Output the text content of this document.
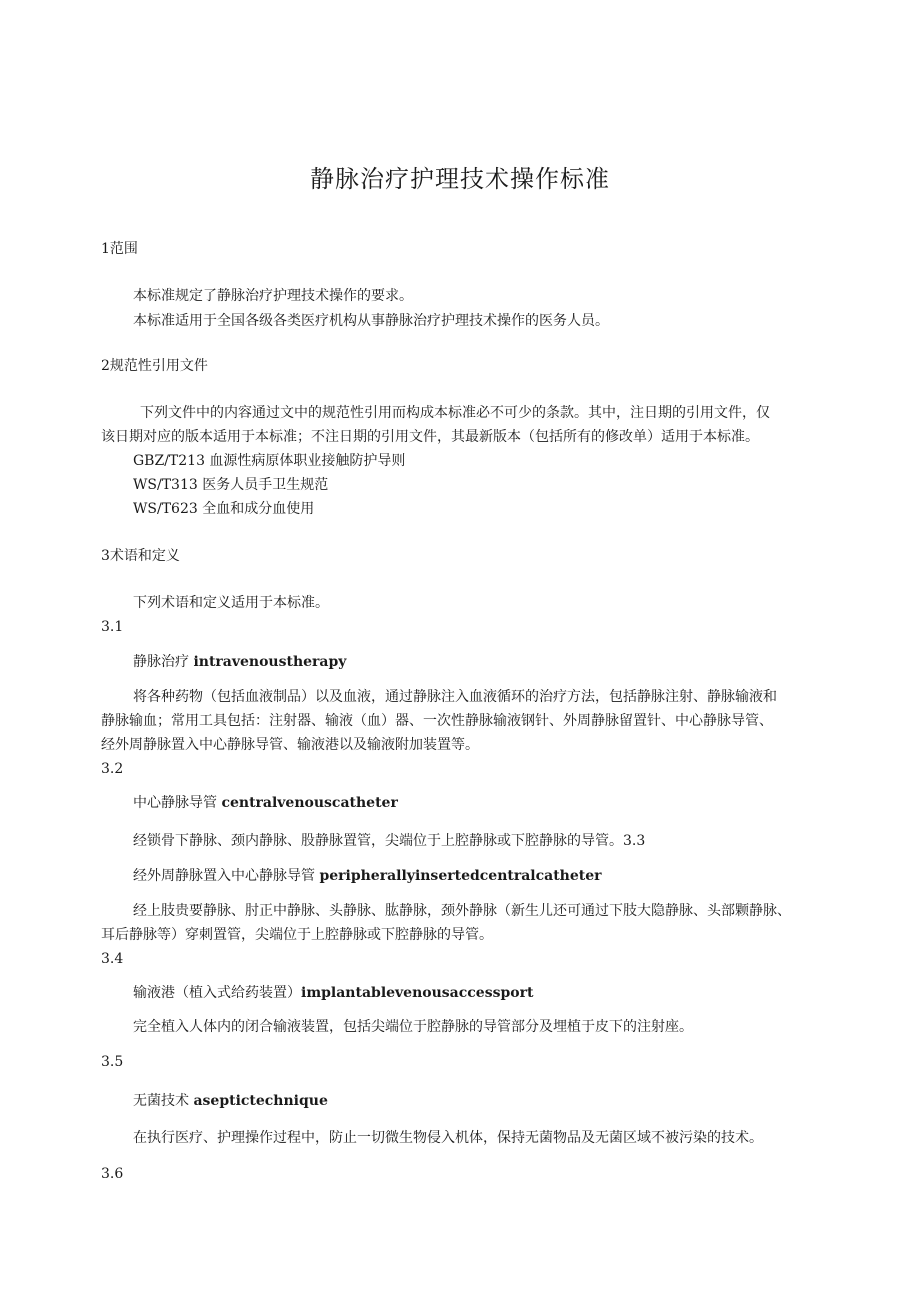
静脉治疗护理技术操作标准
1范围
本标准规定了静脉治疗护理技术操作的要求。
本标准适用于全国各级各类医疗机构从事静脉治疗护理技术操作的医务人员。
2规范性引用文件
下列文件中的内容通过文中的规范性引用而构成本标准必不可少的条款。其中，注日期的引用文件，仅
该日期对应的版本适用于本标准；不注日期的引用文件，其最新版本（包括所有的修改单）适用于本标准。
GBZ/T213 血源性病原体职业接触防护导则
WS/T313 医务人员手卫生规范
WS/T623 全血和成分血使用
3术语和定义
下列术语和定义适用于本标准。
3.1
静脉治疗 intravenoustherapy
将各种药物（包括血液制品）以及血液，通过静脉注入血液循环的治疗方法，包括静脉注射、静脉输液和
静脉输血；常用工具包括：注射器、输液（血）器、一次性静脉输液钢针、外周静脉留置针、中心静脉导管、
经外周静脉置入中心静脉导管、输液港以及输液附加装置等。
3.2
中心静脉导管 centralvenouscatheter
经锁骨下静脉、颈内静脉、股静脉置管，尖端位于上腔静脉或下腔静脉的导管。3.3
经外周静脉置入中心静脉导管 peripherallyinsertedcentralcatheter
经上肢贵要静脉、肘正中静脉、头静脉、肱静脉，颈外静脉（新生儿还可通过下肢大隐静脉、头部颗静脉、
耳后静脉等）穿刺置管，尖端位于上腔静脉或下腔静脉的导管。
3.4
输液港（植入式给药装置）implantablevenousaccessport
完全植入人体内的闭合输液装置，包括尖端位于腔静脉的导管部分及埋植于皮下的注射座。
3.5
无菌技术 aseptictechnique
在执行医疗、护理操作过程中，防止一切微生物侵入机体，保持无菌物品及无菌区域不被污染的技术。
3.6
